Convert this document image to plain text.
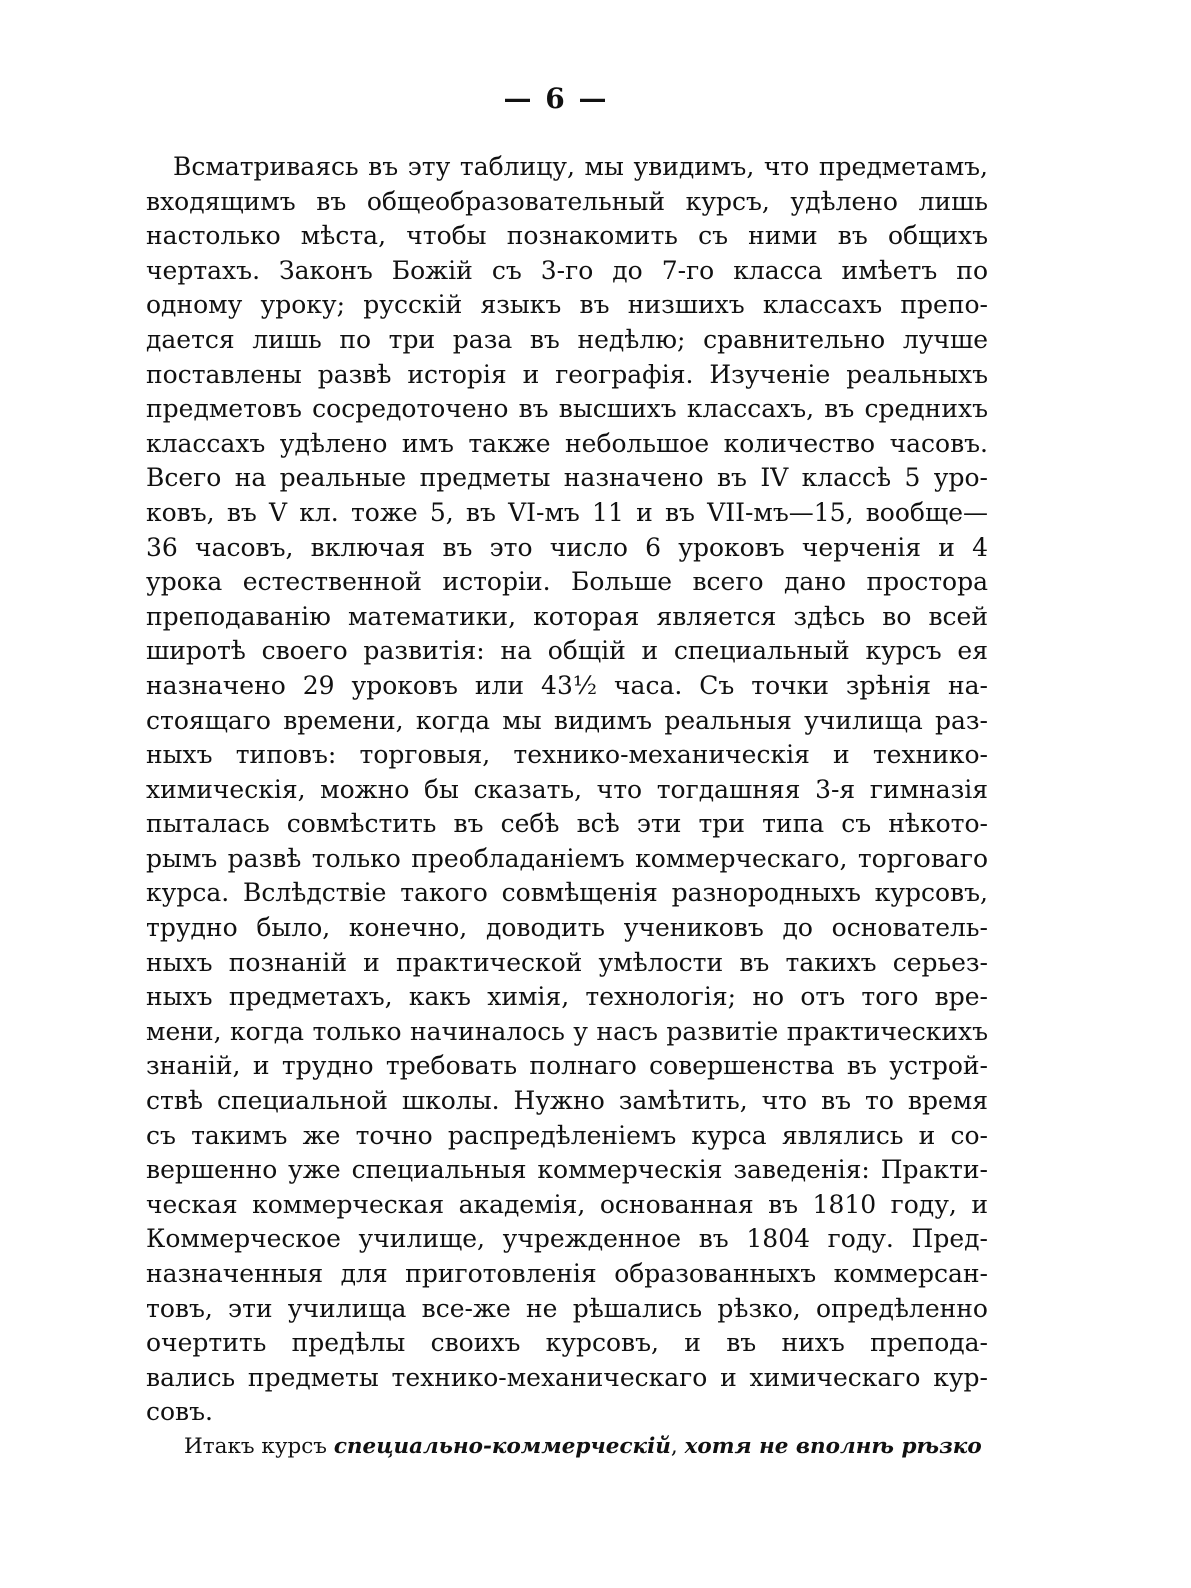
— 6 —
Всматриваясь въ эту таблицу, мы увидимъ, что предметамъ,
входящимъ въ общеобразовательный курсъ, удѣлено лишь
настолько мѣста, чтобы познакомить съ ними въ общихъ
чертахъ. Законъ Божій съ 3-го до 7-го класса имѣетъ по
одному уроку; русскій языкъ въ низшихъ классахъ препо-
дается лишь по три раза въ недѣлю; сравнительно лучше
поставлены развѣ исторія и географія. Изученіе реальныхъ
предметовъ сосредоточено въ высшихъ классахъ, въ среднихъ
классахъ удѣлено имъ также небольшое количество часовъ.
Всего на реальные предметы назначено въ IV классѣ 5 уро-
ковъ, въ V кл. тоже 5, въ VI-мъ 11 и въ VII-мъ—15, вообще—
36 часовъ, включая въ это число 6 уроковъ черченія и 4
урока естественной исторіи. Больше всего дано простора
преподаванію математики, которая является здѣсь во всей
широтѣ своего развитія: на общій и специальный курсъ ея
назначено 29 уроковъ или 43½ часа. Съ точки зрѣнія на-
стоящаго времени, когда мы видимъ реальныя училища раз-
ныхъ типовъ: торговыя, технико-механическія и технико-
химическія, можно бы сказать, что тогдашняя 3-я гимназія
пыталась совмѣстить въ себѣ всѣ эти три типа съ нѣкото-
рымъ развѣ только преобладаніемъ коммерческаго, торговаго
курса. Вслѣдствіе такого совмѣщенія разнородныхъ курсовъ,
трудно было, конечно, доводить учениковъ до основатель-
ныхъ познаній и практической умѣлости въ такихъ серьез-
ныхъ предметахъ, какъ химія, технологія; но отъ того вре-
мени, когда только начиналось у насъ развитіе практическихъ
знаній, и трудно требовать полнаго совершенства въ устрой-
ствѣ специальной школы. Нужно замѣтить, что въ то время
съ такимъ же точно распредѣленіемъ курса являлись и со-
вершенно уже специальныя коммерческія заведенія: Практи-
ческая коммерческая академія, основанная въ 1810 году, и
Коммерческое училище, учрежденное въ 1804 году. Пред-
назначенныя для приготовленія образованныхъ коммерсан-
товъ, эти училища все-же не рѣшались рѣзко, опредѣленно
очертить предѣлы своихъ курсовъ, и въ нихъ препода-
вались предметы технико-механическаго и химическаго кур-
совъ.
Итакъ курсъ специально-коммерческій, хотя не вполнѣ рѣзко
